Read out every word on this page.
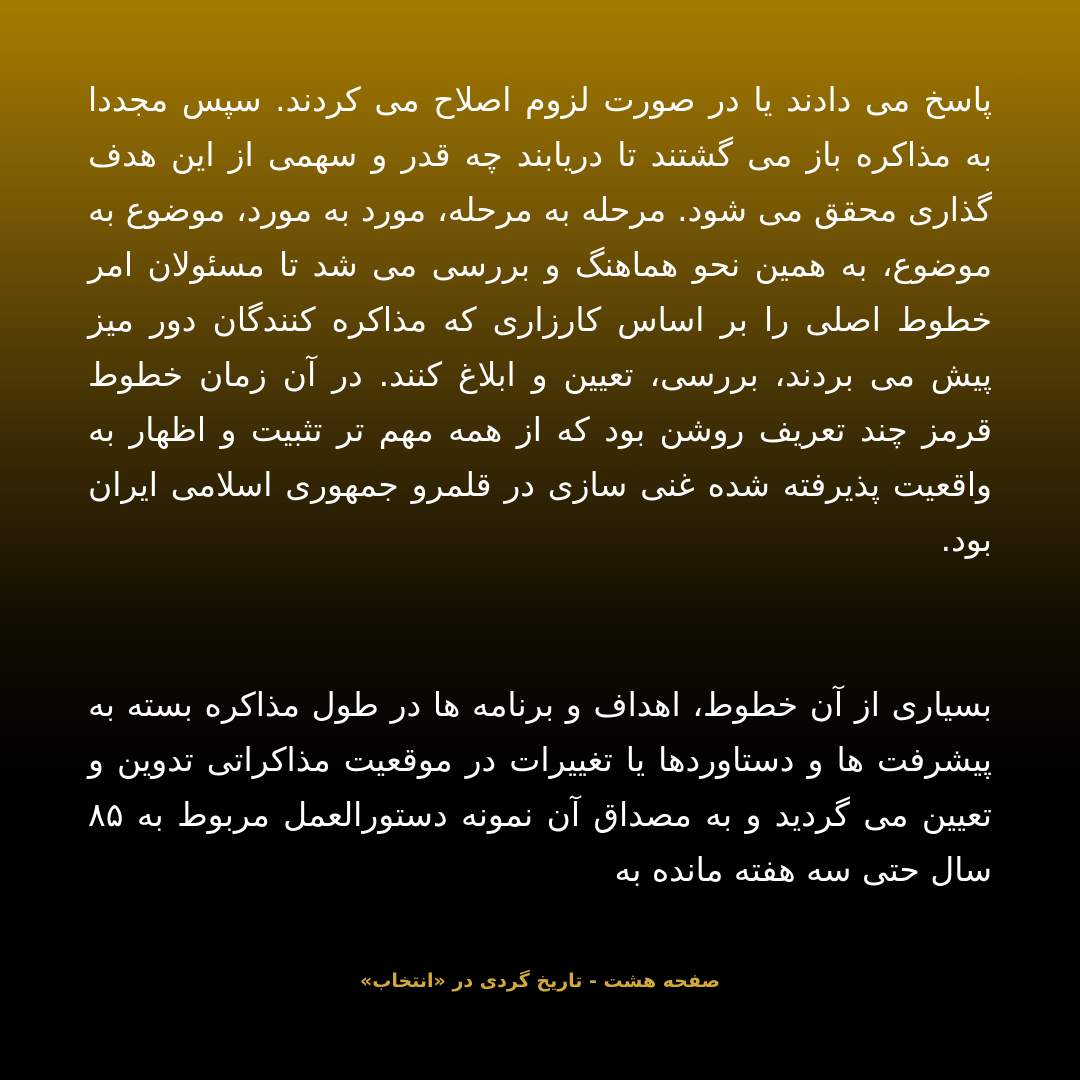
پاسخ می دادند یا در صورت لزوم اصلاح می کردند. سپس مجددا به مذاکره باز می گشتند تا دریابند چه قدر و سهمی از این هدف گذاری محقق می شود. مرحله به مرحله، مورد به مورد، موضوع به موضوع، به همین نحو هماهنگ و بررسی می شد تا مسئولان امر خطوط اصلی را بر اساس کارزاری که مذاکره کنندگان دور میز پیش می بردند، بررسی، تعیین و ابلاغ کنند. در آن زمان خطوط قرمز چند تعریف روشن بود که از همه مهم تر تثبیت و اظهار به واقعیت پذیرفته شده غنی سازی در قلمرو جمهوری اسلامی ایران بود.

بسیاری از آن خطوط، اهداف و برنامه ها در طول مذاکره بسته به پیشرفت ها و دستاوردها یا تغییرات در موقعیت مذاکراتی تدوین و تعیین می گردید و به مصداق آن نمونه دستورالعمل مربوط به ۸۵ سال حتی سه هفته مانده به

صفحه هشت - تاریخ گردی در «انتخاب»
